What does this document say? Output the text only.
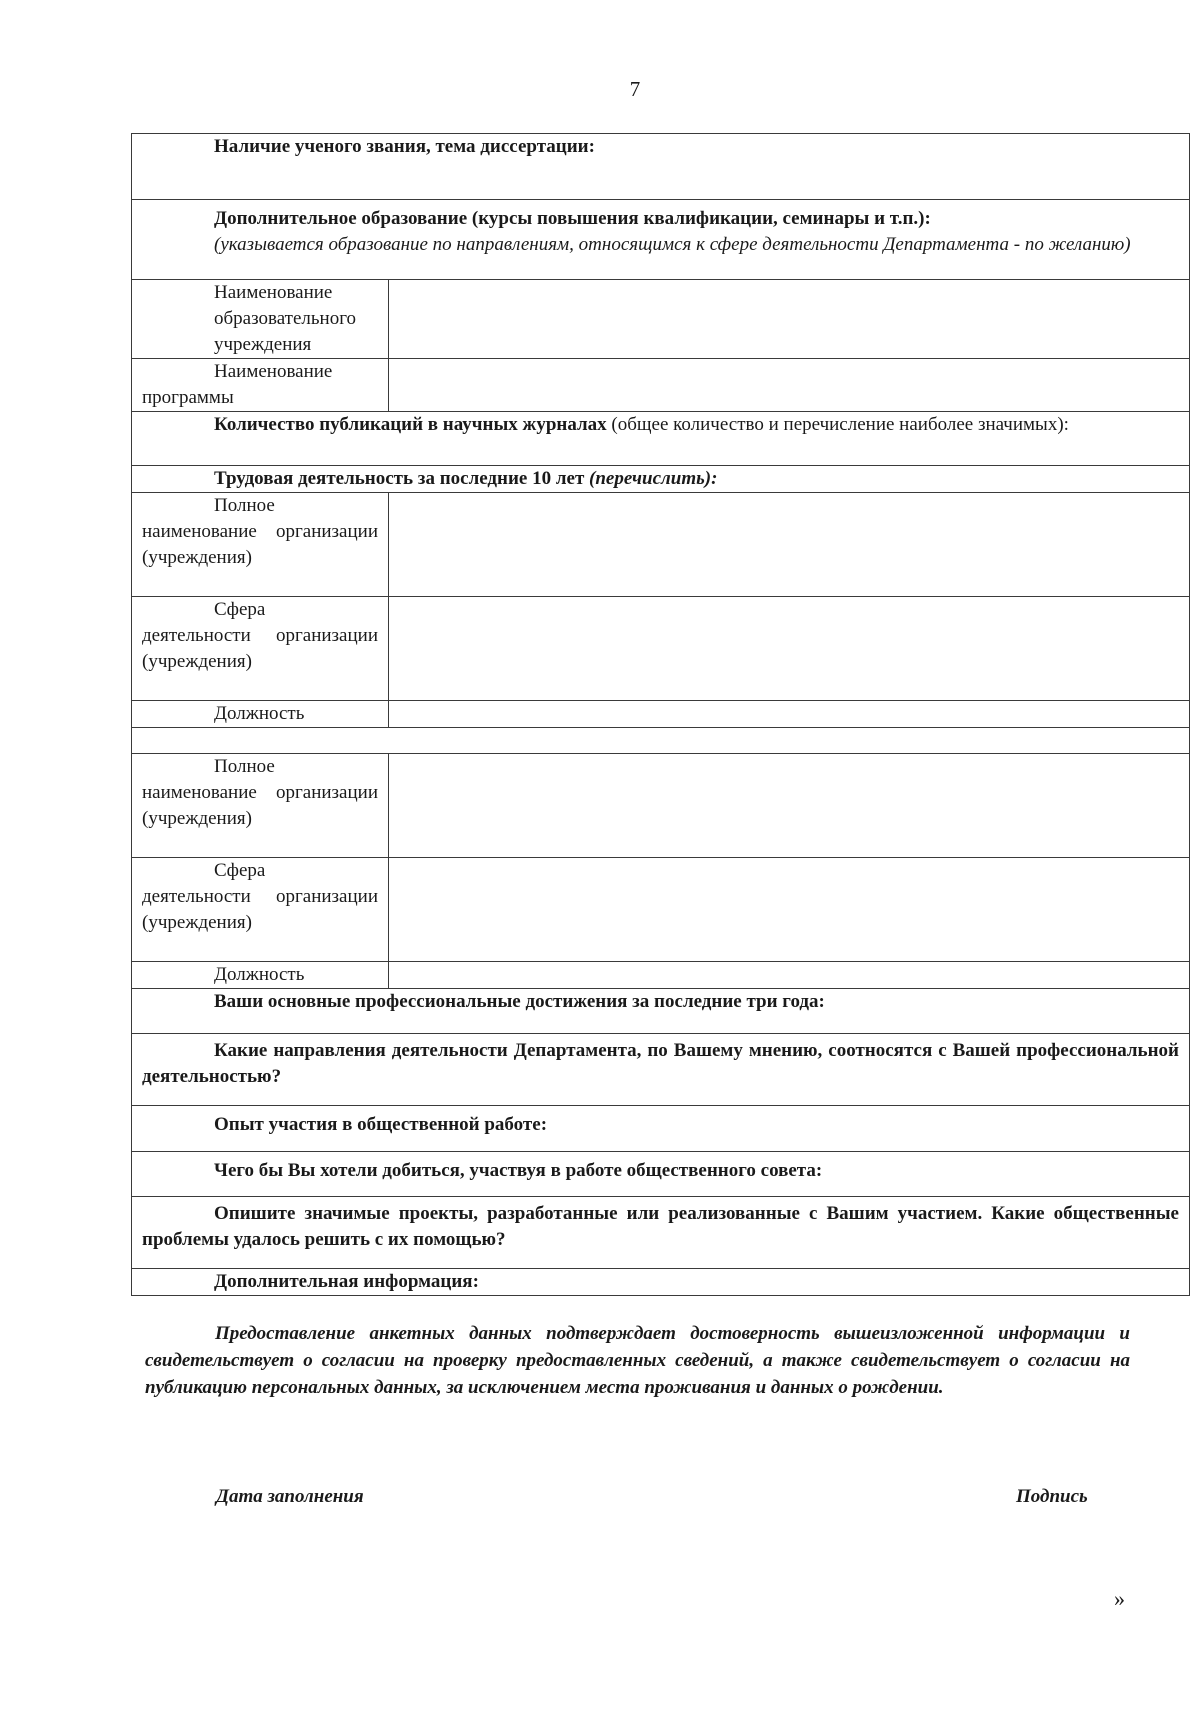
7
Наличие ученого звания, тема диссертации:	
Дополнительное образование (курсы повышения квалификации, семинары и т.п.):
(указывается образование по направлениям, относящимся к сфере деятельности Департамента - по желанию)	
Наименование образовательного учреждения	
Наименование программы	
Количество публикаций в научных журналах (общее количество и перечисление наиболее значимых):	
Трудовая деятельность за последние 10 лет (перечислить):	
Полное наименование организации (учреждения)	
Сфера деятельности организации (учреждения)	
Должность	

Полное наименование организации (учреждения)	
Сфера деятельности организации (учреждения)	
Должность	
Ваши основные профессиональные достижения за последние три года:	
Какие направления деятельности Департамента, по Вашему мнению, соотносятся с Вашей профессиональной деятельностью?	
Опыт участия в общественной работе:	
Чего бы Вы хотели добиться, участвуя в работе общественного совета:	
Опишите значимые проекты, разработанные или реализованные с Вашим участием. Какие общественные проблемы удалось решить с их помощью?	
Дополнительная информация:	
Предоставление анкетных данных подтверждает достоверность вышеизложенной информации и свидетельствует о согласии на проверку предоставленных сведений, а также свидетельствует о согласии на публикацию персональных данных, за исключением места проживания и данных о рождении.
Дата заполнения	Подпись
»
